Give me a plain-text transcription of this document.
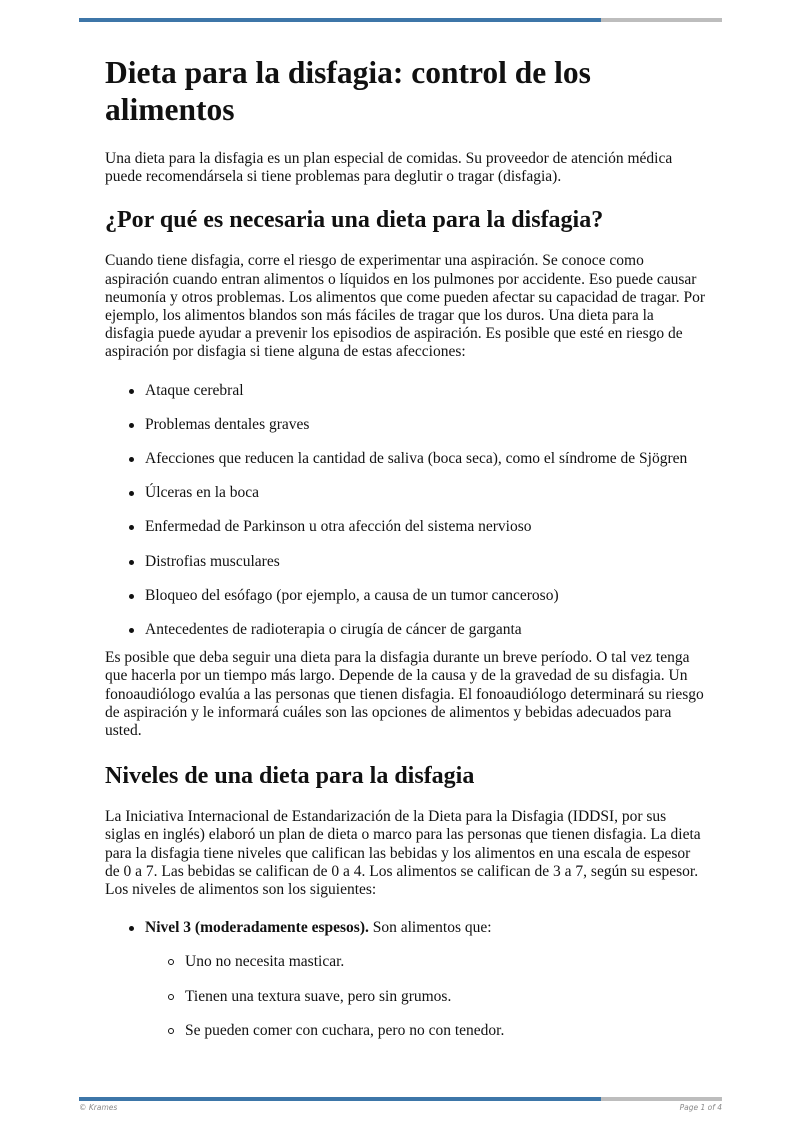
Dieta para la disfagia: control de los alimentos

Una dieta para la disfagia es un plan especial de comidas. Su proveedor de atención médica puede recomendársela si tiene problemas para deglutir o tragar (disfagia).

¿Por qué es necesaria una dieta para la disfagia?

Cuando tiene disfagia, corre el riesgo de experimentar una aspiración. Se conoce como aspiración cuando entran alimentos o líquidos en los pulmones por accidente. Eso puede causar neumonía y otros problemas. Los alimentos que come pueden afectar su capacidad de tragar. Por ejemplo, los alimentos blandos son más fáciles de tragar que los duros. Una dieta para la disfagia puede ayudar a prevenir los episodios de aspiración. Es posible que esté en riesgo de aspiración por disfagia si tiene alguna de estas afecciones:

Ataque cerebral
Problemas dentales graves
Afecciones que reducen la cantidad de saliva (boca seca), como el síndrome de Sjögren
Úlceras en la boca
Enfermedad de Parkinson u otra afección del sistema nervioso
Distrofias musculares
Bloqueo del esófago (por ejemplo, a causa de un tumor canceroso)
Antecedentes de radioterapia o cirugía de cáncer de garganta

Es posible que deba seguir una dieta para la disfagia durante un breve período. O tal vez tenga que hacerla por un tiempo más largo. Depende de la causa y de la gravedad de su disfagia. Un fonoaudiólogo evalúa a las personas que tienen disfagia. El fonoaudiólogo determinará su riesgo de aspiración y le informará cuáles son las opciones de alimentos y bebidas adecuados para usted.

Niveles de una dieta para la disfagia

La Iniciativa Internacional de Estandarización de la Dieta para la Disfagia (IDDSI, por sus siglas en inglés) elaboró un plan de dieta o marco para las personas que tienen disfagia. La dieta para la disfagia tiene niveles que califican las bebidas y los alimentos en una escala de espesor de 0 a 7. Las bebidas se califican de 0 a 4. Los alimentos se califican de 3 a 7, según su espesor. Los niveles de alimentos son los siguientes:

Nivel 3 (moderadamente espesos). Son alimentos que:
Uno no necesita masticar.
Tienen una textura suave, pero sin grumos.
Se pueden comer con cuchara, pero no con tenedor.
© Krames	Page 1 of 4
